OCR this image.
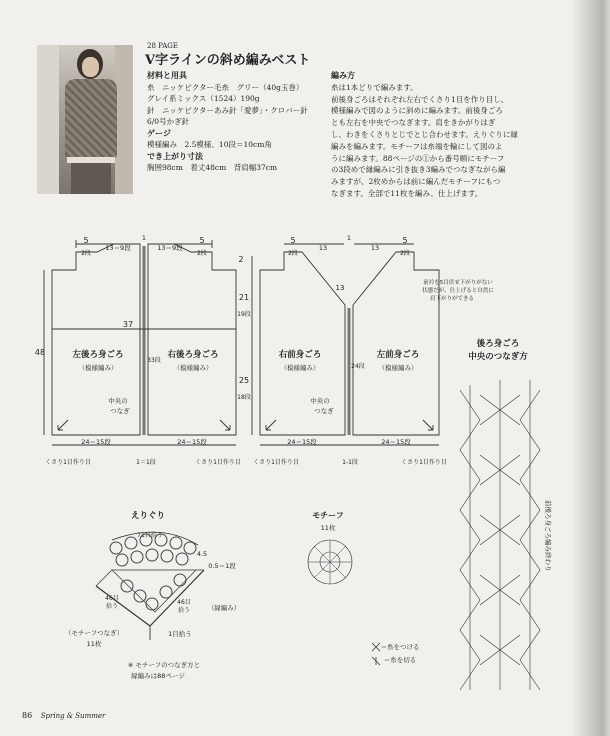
28 PAGE
V字ラインの斜め編みベスト
材料と用具
糸　ニッケビクター毛糸　グリー（40g玉巻）
グレイ系ミックス（1524）190g
針　ニッケビクターあみ針「愛夢」・クロバー針
6/0号かぎ針
ゲージ
模様編み　2.5模様、10段＝10cm角
でき上がり寸法
胸囲98cm　着丈48cm　背肩幅37cm
編み方
糸は1本どりで編みます。
前後身ごろはそれぞれ左右でくさり1目を作り目し、
模様編みで図のように斜めに編みます。前後身ごろ
とも左右を中央でつなぎます。肩をきかがりはぎ
し、わきをくさりとじでとじ合わせます。えりぐりに縁
編みを編みます。モチーフは糸端を輪にして図のよ
うに編みます。88ページの①から番号順にモチーフ
の3段めで縁編みに引き抜き3編みでつなぎながら編
みますが、2枚めからは前に編んだモチーフにもつ
なぎます。全部で11枚を編み、仕上げます。
5
2段
13＝9段
1
13＝9段
5
2段
37
48	左後ろ身ごろ
（模様編み）
右後ろ身ごろ
（模様編み）
33段
中央の
つなぎ
24＝15段	24＝15段
くさり1目作り目	1＝1段	くさり1目作り目
5
2段
13
1
13
5
2段
2
21
19段
25
18段
13
右前身ごろ
（模様編み）
左前身ごろ
（模様編み）
24段
中央の
つなぎ
24＝15段	24＝15段
くさり1目作り目	1-1段	くさり1目作り目
前衿を5目伏せ下がりがない
状態だが、仕上げると自然に
肩下がりができる
後ろ身ごろ
中央のつなぎ方
えりぐり
71目拾う
4.5
0.5＝1段
46目
拾う
46目
拾う	（縁編み）
（モチーフつなぎ）
11枚
1目拾う
※ モチーフのつなぎ方と
縁編みは88ページ
モチーフ
11枚
＝糸をつける
＝糸を切る
前後ろ身ごろ編み終わり
86 Spring & Summer
